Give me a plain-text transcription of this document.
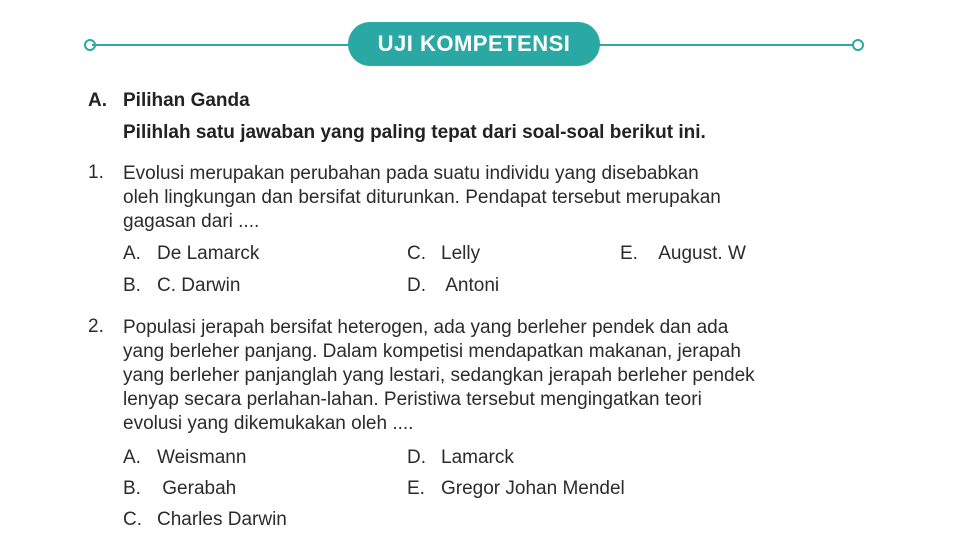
UJI KOMPETENSI
A. Pilihan Ganda
Pilihlah satu jawaban yang paling tepat dari soal-soal berikut ini.
1. Evolusi merupakan perubahan pada suatu individu yang disebabkan
oleh lingkungan dan bersifat diturunkan. Pendapat tersebut merupakan
gagasan dari ....
A. De Lamarck
B. C. Darwin
C. Lelly
D. Antoni
E. August. W
2. Populasi jerapah bersifat heterogen, ada yang berleher pendek dan ada
yang berleher panjang. Dalam kompetisi mendapatkan makanan, jerapah
yang berleher panjanglah yang lestari, sedangkan jerapah berleher pendek
lenyap secara perlahan-lahan. Peristiwa tersebut mengingatkan teori
evolusi yang dikemukakan oleh ....
A. Weismann
B. Gerabah
C. Charles Darwin
D. Lamarck
E. Gregor Johan Mendel
